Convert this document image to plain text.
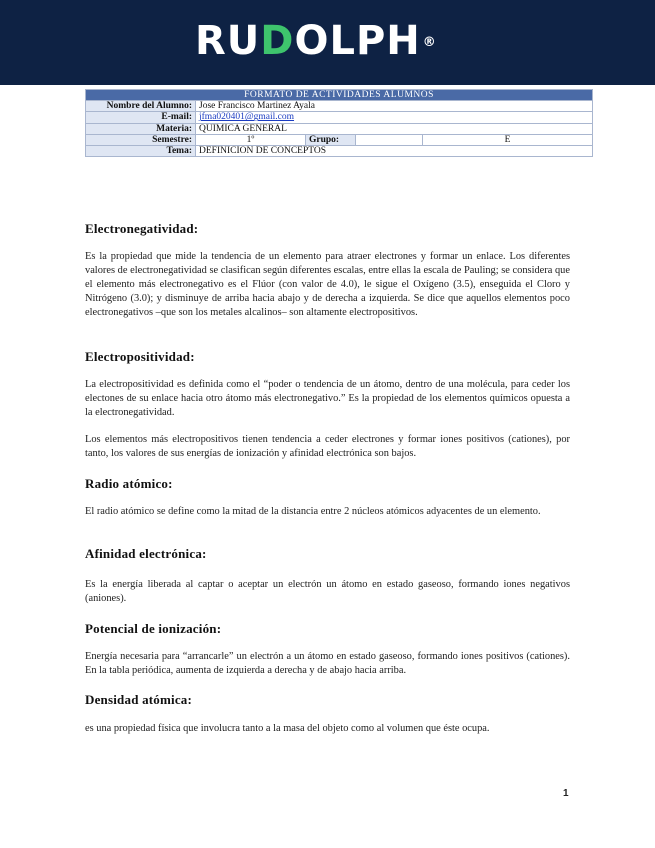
RUDOLPH ®
FORMATO DE ACTIVIDADES ALUMNOS				
Nombre del Alumno:	Jose Francisco Martinez Ayala			
E-mail:	jfma020401@gmail.com			
Materia:	QUIMICA GENERAL			
Semestre:	1º	Grupo:		E
Tema:	DEFINICION DE CONCEPTOS			
Electronegatividad:

Es la propiedad que mide la tendencia de un elemento para atraer electrones y formar un enlace. Los diferentes valores de electronegatividad se clasifican según diferentes escalas, entre ellas la escala de Pauling; se considera que el elemento más electronegativo es el Flúor (con valor de 4.0), le sigue el Oxígeno (3.5), enseguida el Cloro y Nitrógeno (3.0); y disminuye de arriba hacia abajo y de derecha a izquierda. Se dice que aquellos elementos poco electronegativos –que son los metales alcalinos– son altamente electropositivos.

Electropositividad:

La electropositividad es definida como el “poder o tendencia de un átomo, dentro de una molécula, para ceder los electones de su enlace hacia otro átomo más electronegativo.” Es la propiedad de los elementos químicos opuesta a la electronegatividad.

Los elementos más electropositivos tienen tendencia a ceder electrones y formar iones positivos (cationes), por tanto, los valores de sus energías de ionización y afinidad electrónica son bajos.

Radio atómico:

El radio atómico se define como la mitad de la distancia entre 2 núcleos atómicos adyacentes de un elemento.

Afinidad electrónica:

Es la energía liberada al captar o aceptar un electrón un átomo en estado gaseoso, formando iones negativos (aniones).

Potencial de ionización:

Energía necesaria para “arrancarle” un electrón a un átomo en estado gaseoso, formando iones positivos (cationes). En la tabla periódica, aumenta de izquierda a derecha y de abajo hacia arriba.

Densidad atómica:

es una propiedad física que involucra tanto a la masa del objeto como al volumen que éste ocupa.

1
